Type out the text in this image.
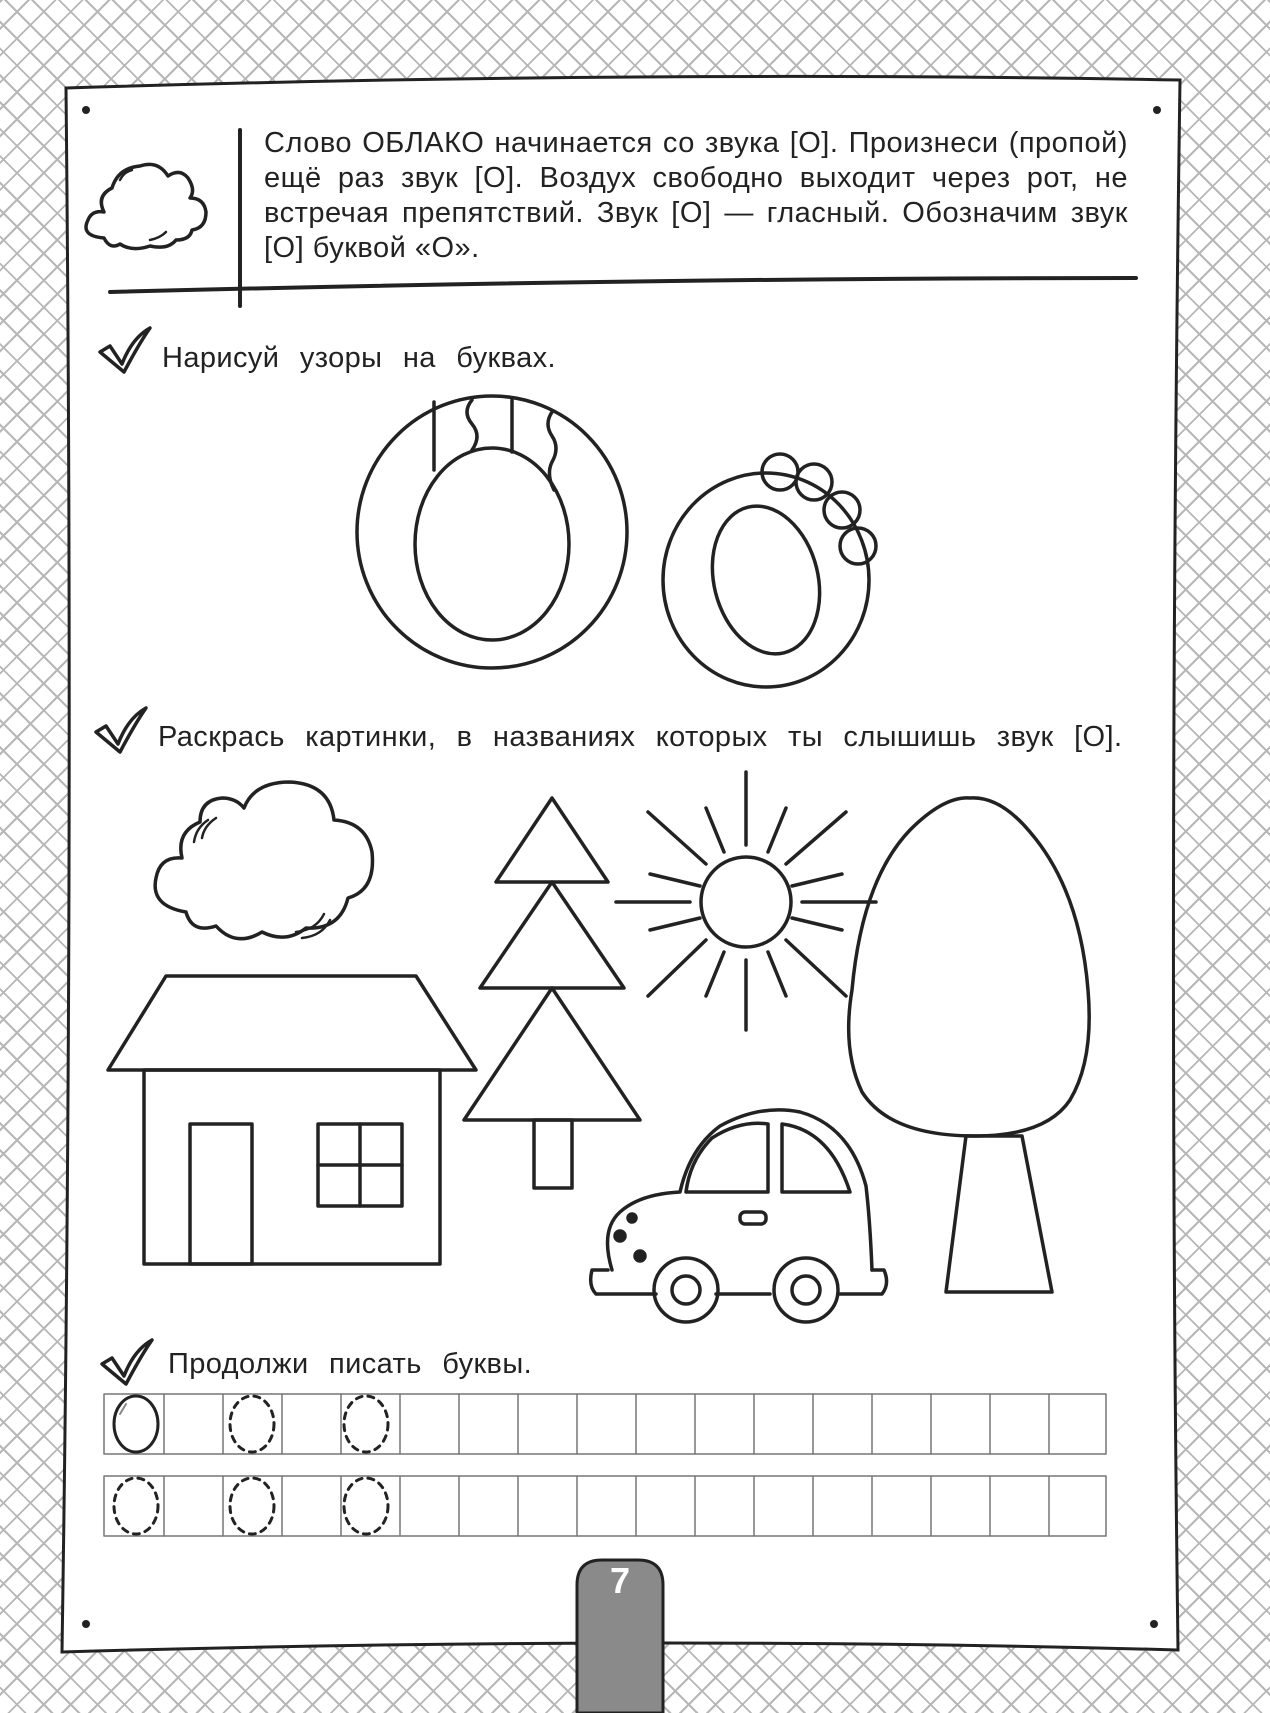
Слово ОБЛАКО начинается со звука [О]. Произнеси (пропой) ещё раз звук [О]. Воздух свободно выходит через рот, не встречая препятствий. Звук [О] — гласный. Обозначим звук [О] буквой «О».
Нарисуй узоры на буквах.
Раскрась картинки, в названиях которых ты слышишь звук [О].
Продолжи писать буквы.
7
